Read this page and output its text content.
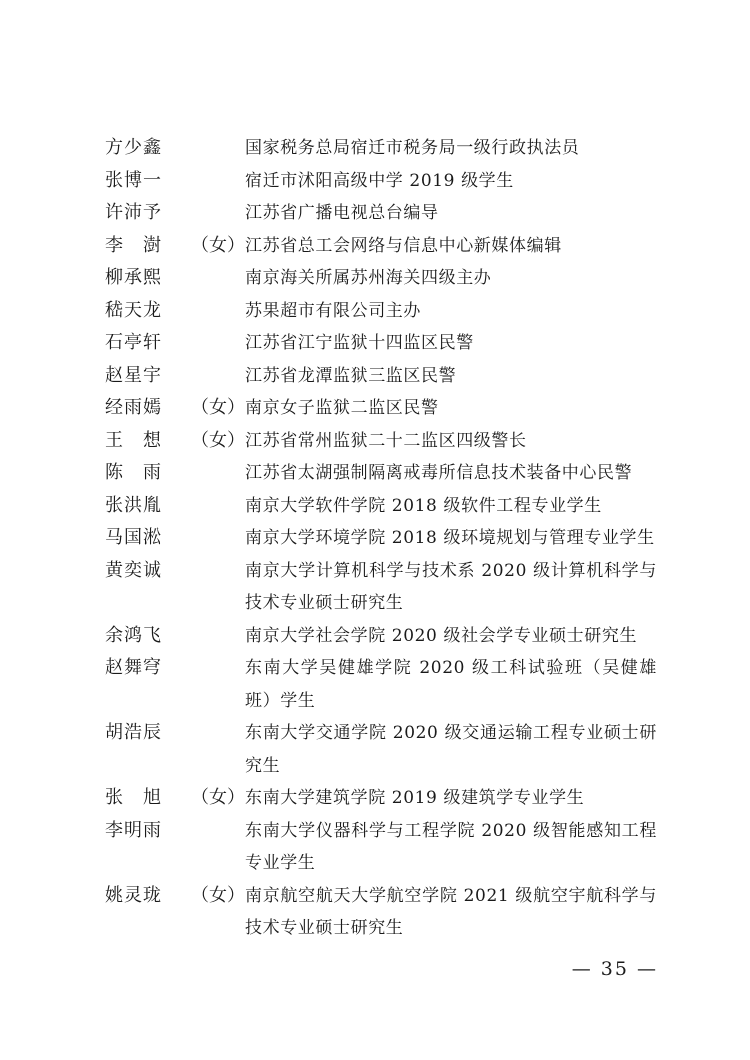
方少鑫	国家税务总局宿迁市税务局一级行政执法员
张博一	宿迁市沭阳高级中学 2019 级学生
许沛予	江苏省广播电视总台编导
李　澍	（女） 江苏省总工会网络与信息中心新媒体编辑
柳承熙	南京海关所属苏州海关四级主办
嵇天龙	苏果超市有限公司主办
石亭轩	江苏省江宁监狱十四监区民警
赵星宇	江苏省龙潭监狱三监区民警
经雨嫣	（女） 南京女子监狱二监区民警
王　想	（女） 江苏省常州监狱二十二监区四级警长
陈　雨	江苏省太湖强制隔离戒毒所信息技术装备中心民警
张洪胤	南京大学软件学院 2018 级软件工程专业学生
马国淞	南京大学环境学院 2018 级环境规划与管理专业学生
黄奕诚	南京大学计算机科学与技术系 2020 级计算机科学与技术专业硕士研究生
余鸿飞	南京大学社会学院 2020 级社会学专业硕士研究生
赵舞穹	东南大学吴健雄学院 2020 级工科试验班（吴健雄班）学生
胡浩辰	东南大学交通学院 2020 级交通运输工程专业硕士研究生
张　旭	（女） 东南大学建筑学院 2019 级建筑学专业学生
李明雨	东南大学仪器科学与工程学院 2020 级智能感知工程专业学生
姚灵珑	（女） 南京航空航天大学航空学院 2021 级航空宇航科学与技术专业硕士研究生
— 35 —
